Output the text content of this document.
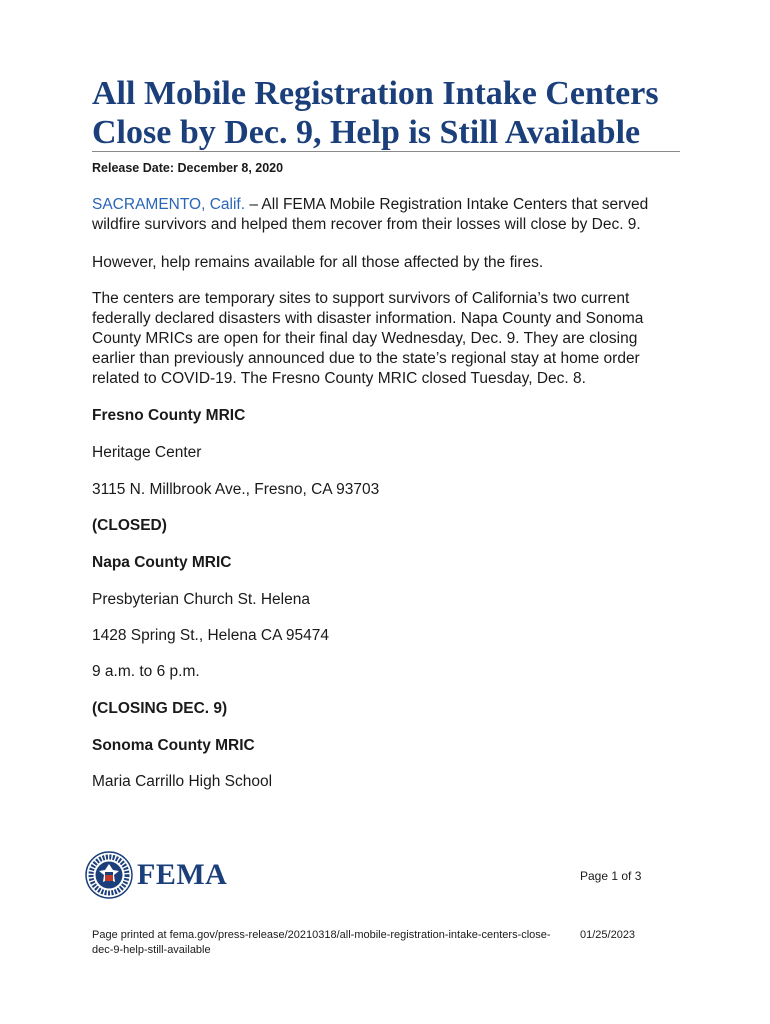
All Mobile Registration Intake Centers Close by Dec. 9, Help is Still Available
Release Date: December 8, 2020

SACRAMENTO, Calif. – All FEMA Mobile Registration Intake Centers that served wildfire survivors and helped them recover from their losses will close by Dec. 9.

However, help remains available for all those affected by the fires.

The centers are temporary sites to support survivors of California’s two current federally declared disasters with disaster information. Napa County and Sonoma County MRICs are open for their final day Wednesday, Dec. 9. They are closing earlier than previously announced due to the state’s regional stay at home order related to COVID-19. The Fresno County MRIC closed Tuesday, Dec. 8.

Fresno County MRIC

Heritage Center

3115 N. Millbrook Ave., Fresno, CA 93703

(CLOSED)

Napa County MRIC

Presbyterian Church St. Helena

1428 Spring St., Helena CA 95474

9 a.m. to 6 p.m.

(CLOSING DEC. 9)

Sonoma County MRIC

Maria Carrillo High School

FEMA	Page 1 of 3
Page printed at fema.gov/press-release/20210318/all-mobile-registration-intake-centers-close-dec-9-help-still-available
01/25/2023
